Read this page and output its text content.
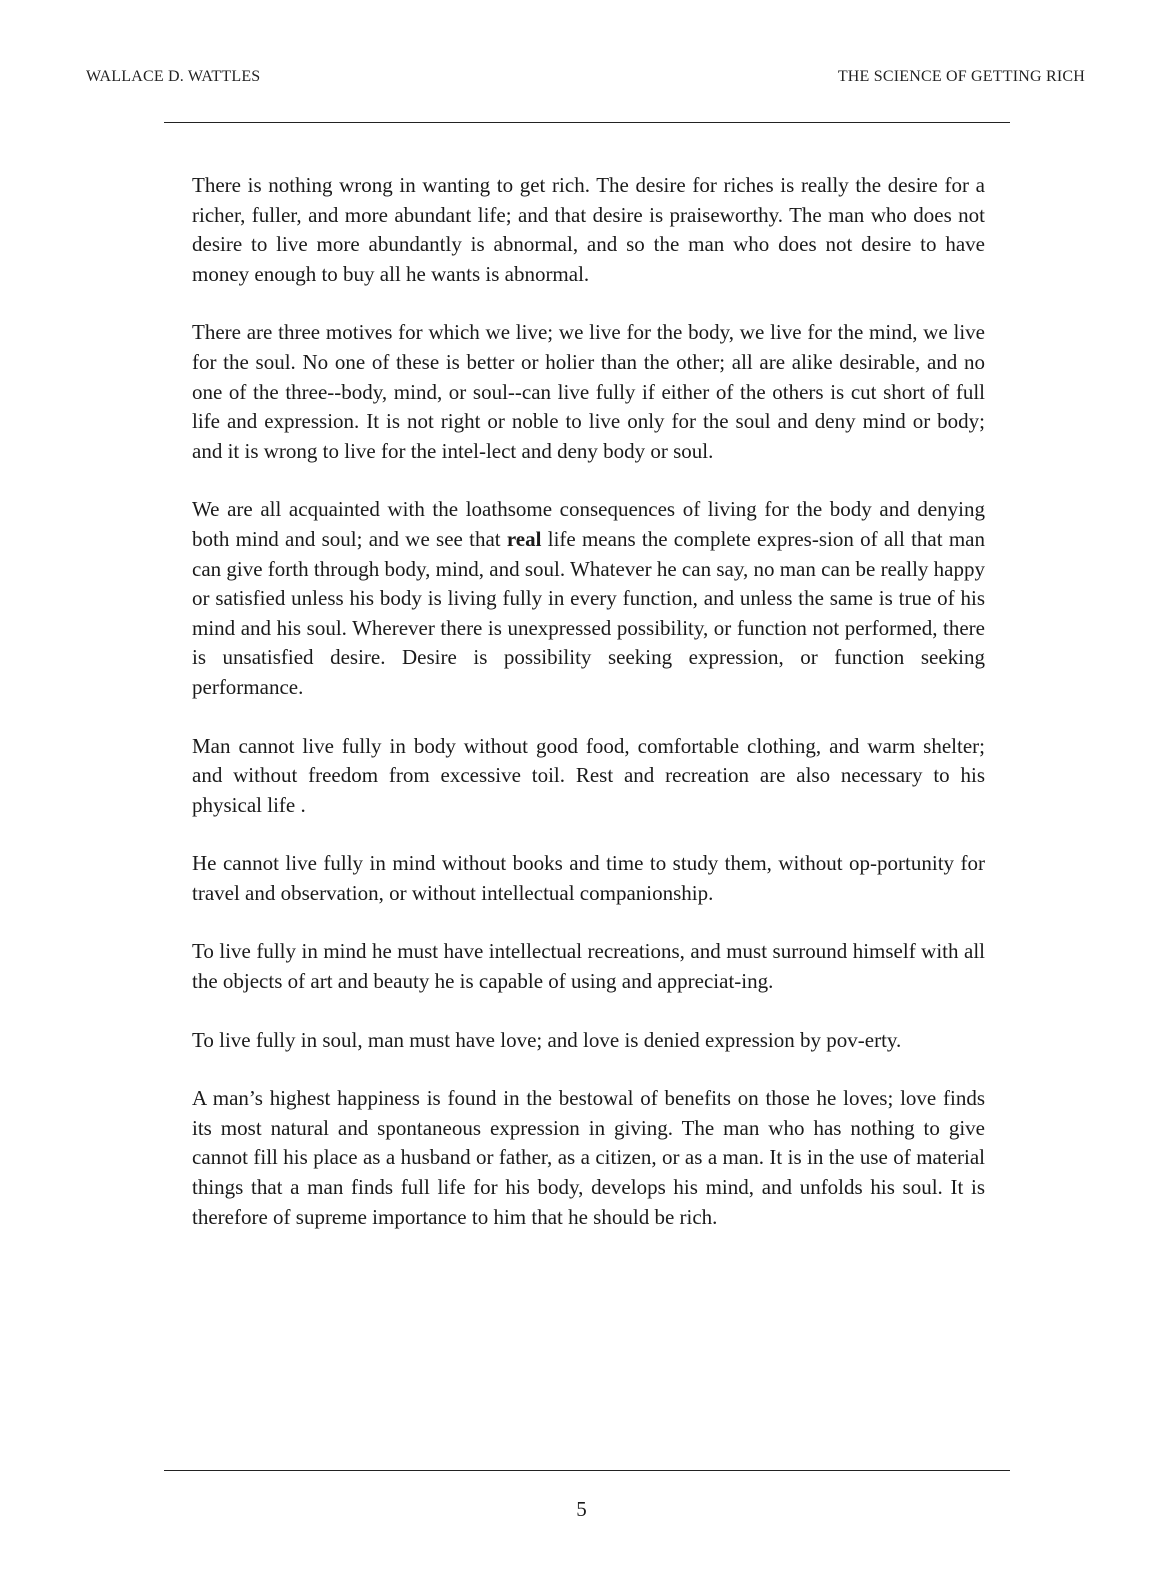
WALLACE D. WATTLES	THE SCIENCE OF GETTING RICH

There is nothing wrong in wanting to get rich. The desire for riches is really the desire for a richer, fuller, and more abundant life; and that desire is praiseworthy. The man who does not desire to live more abundantly is abnormal, and so the man who does not desire to have money enough to buy all he wants is abnormal.

There are three motives for which we live; we live for the body, we live for the mind, we live for the soul. No one of these is better or holier than the other; all are alike desirable, and no one of the three--body, mind, or soul--can live fully if either of the others is cut short of full life and expression. It is not right or noble to live only for the soul and deny mind or body; and it is wrong to live for the intel-lect and deny body or soul.

We are all acquainted with the loathsome consequences of living for the body and denying both mind and soul; and we see that real life means the complete expres-sion of all that man can give forth through body, mind, and soul. Whatever he can say, no man can be really happy or satisfied unless his body is living fully in every function, and unless the same is true of his mind and his soul. Wherever there is unexpressed possibility, or function not performed, there is unsatisfied desire. Desire is possibility seeking expression, or function seeking performance.

Man cannot live fully in body without good food, comfortable clothing, and warm shelter; and without freedom from excessive toil. Rest and recreation are also necessary to his physical life .

He cannot live fully in mind without books and time to study them, without op-portunity for travel and observation, or without intellectual companionship.

To live fully in mind he must have intellectual recreations, and must surround himself with all the objects of art and beauty he is capable of using and appreciat-ing.

To live fully in soul, man must have love; and love is denied expression by pov-erty.

A man’s highest happiness is found in the bestowal of benefits on those he loves; love finds its most natural and spontaneous expression in giving. The man who has nothing to give cannot fill his place as a husband or father, as a citizen, or as a man. It is in the use of material things that a man finds full life for his body, develops his mind, and unfolds his soul. It is therefore of supreme importance to him that he should be rich.

5
